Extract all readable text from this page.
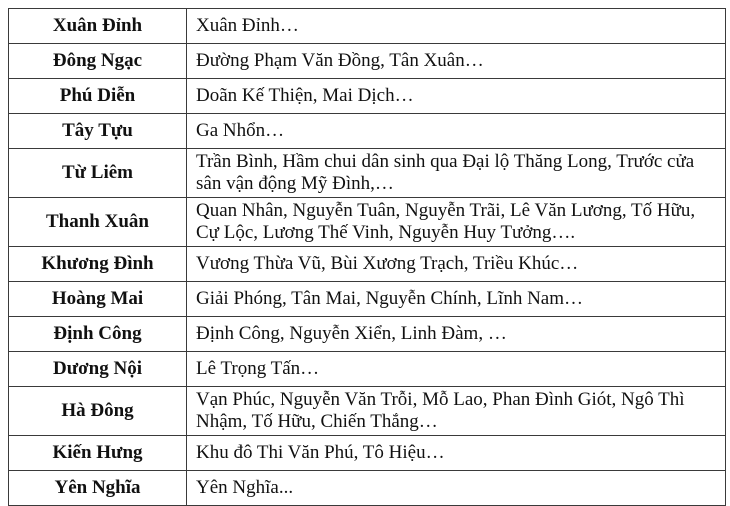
Xuân Đỉnh	Xuân Đỉnh…
Đông Ngạc	Đường Phạm Văn Đồng, Tân Xuân…
Phú Diễn	Doãn Kế Thiện, Mai Dịch…
Tây Tựu	Ga Nhổn…
Từ Liêm	Trần Bình, Hầm chui dân sinh qua Đại lộ Thăng Long, Trước cửa sân vận động Mỹ Đình,…
Thanh Xuân	Quan Nhân, Nguyễn Tuân, Nguyễn Trãi, Lê Văn Lương, Tố Hữu, Cự Lộc, Lương Thế Vinh, Nguyễn Huy Tưởng….
Khương Đình	Vương Thừa Vũ, Bùi Xương Trạch, Triều Khúc…
Hoàng Mai	Giải Phóng, Tân Mai, Nguyễn Chính, Lĩnh Nam…
Định Công	Định Công, Nguyễn Xiển, Linh Đàm, …
Dương Nội	Lê Trọng Tấn…
Hà Đông	Vạn Phúc, Nguyễn Văn Trỗi, Mỗ Lao, Phan Đình Giót, Ngô Thì Nhậm, Tố Hữu, Chiến Thắng…
Kiến Hưng	Khu đô Thi Văn Phú, Tô Hiệu…
Yên Nghĩa	Yên Nghĩa...
